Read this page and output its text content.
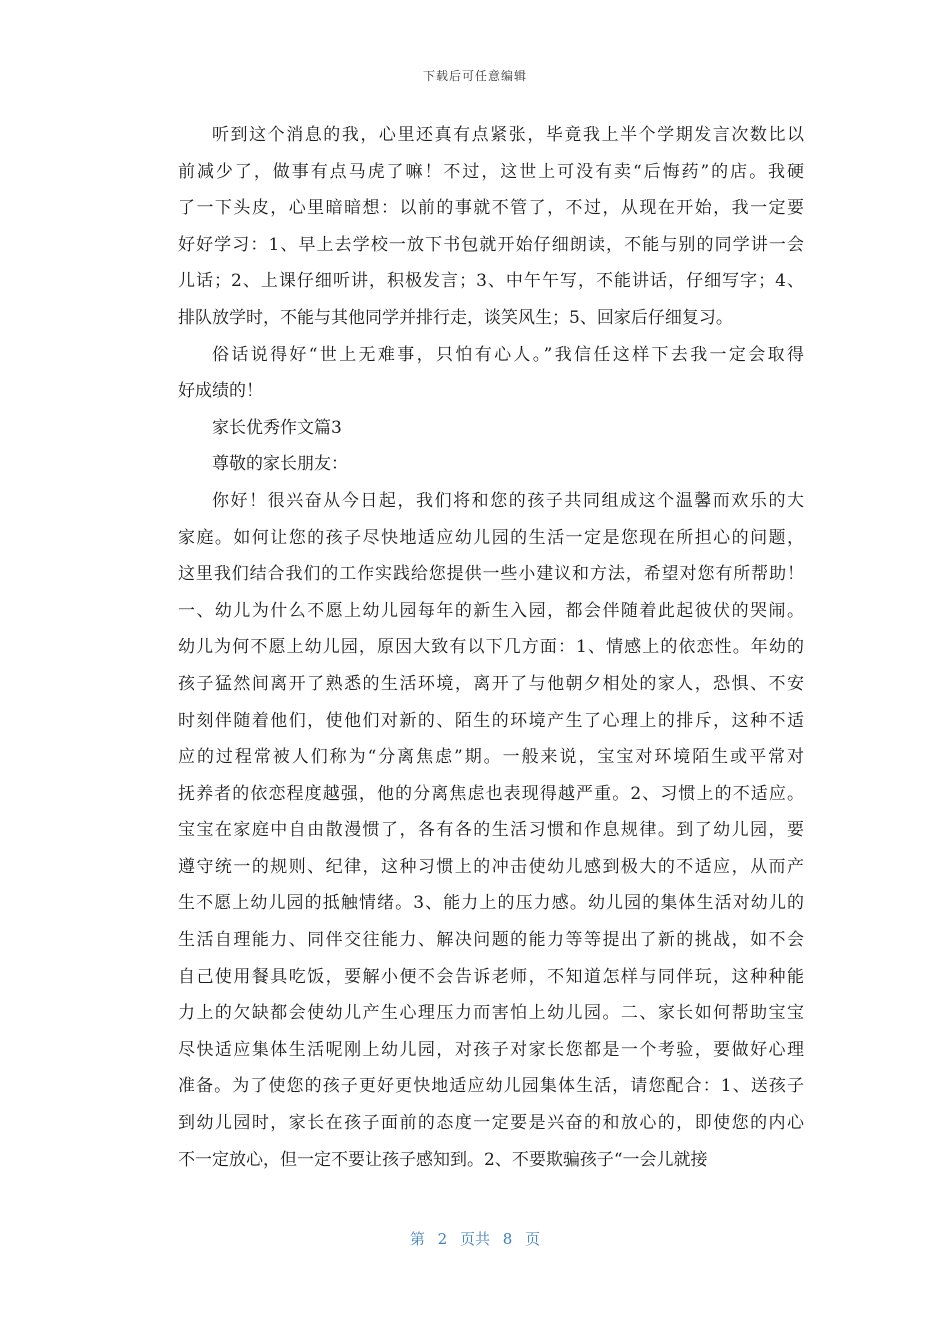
下载后可任意编辑
听到这个消息的我，心里还真有点紧张，毕竟我上半个学期发言次数比以
前减少了，做事有点马虎了嘛！不过，这世上可没有卖“后悔药”的店。我硬
了一下头皮，心里暗暗想：以前的事就不管了，不过，从现在开始，我一定要
好好学习：1、早上去学校一放下书包就开始仔细朗读，不能与别的同学讲一会
儿话；2、上课仔细听讲，积极发言；3、中午午写，不能讲话，仔细写字；4、
排队放学时，不能与其他同学并排行走，谈笑风生；5、回家后仔细复习。
俗话说得好“世上无难事，只怕有心人。”我信任这样下去我一定会取得
好成绩的！
家长优秀作文篇3
尊敬的家长朋友：
你好！很兴奋从今日起，我们将和您的孩子共同组成这个温馨而欢乐的大
家庭。如何让您的孩子尽快地适应幼儿园的生活一定是您现在所担心的问题，
这里我们结合我们的工作实践给您提供一些小建议和方法，希望对您有所帮助！
一、幼儿为什么不愿上幼儿园每年的新生入园，都会伴随着此起彼伏的哭闹。
幼儿为何不愿上幼儿园，原因大致有以下几方面：1、情感上的依恋性。年幼的
孩子猛然间离开了熟悉的生活环境，离开了与他朝夕相处的家人，恐惧、不安
时刻伴随着他们，使他们对新的、陌生的环境产生了心理上的排斥，这种不适
应的过程常被人们称为“分离焦虑”期。一般来说，宝宝对环境陌生或平常对
抚养者的依恋程度越强，他的分离焦虑也表现得越严重。2、习惯上的不适应。
宝宝在家庭中自由散漫惯了，各有各的生活习惯和作息规律。到了幼儿园，要
遵守统一的规则、纪律，这种习惯上的冲击使幼儿感到极大的不适应，从而产
生不愿上幼儿园的抵触情绪。3、能力上的压力感。幼儿园的集体生活对幼儿的
生活自理能力、同伴交往能力、解决问题的能力等等提出了新的挑战，如不会
自己使用餐具吃饭，要解小便不会告诉老师，不知道怎样与同伴玩，这种种能
力上的欠缺都会使幼儿产生心理压力而害怕上幼儿园。二、家长如何帮助宝宝
尽快适应集体生活呢刚上幼儿园，对孩子对家长您都是一个考验，要做好心理
准备。为了使您的孩子更好更快地适应幼儿园集体生活，请您配合：1、送孩子
到幼儿园时，家长在孩子面前的态度一定要是兴奋的和放心的，即使您的内心
不一定放心，但一定不要让孩子感知到。2、不要欺骗孩子“一会儿就接
第 2 页共 8 页
